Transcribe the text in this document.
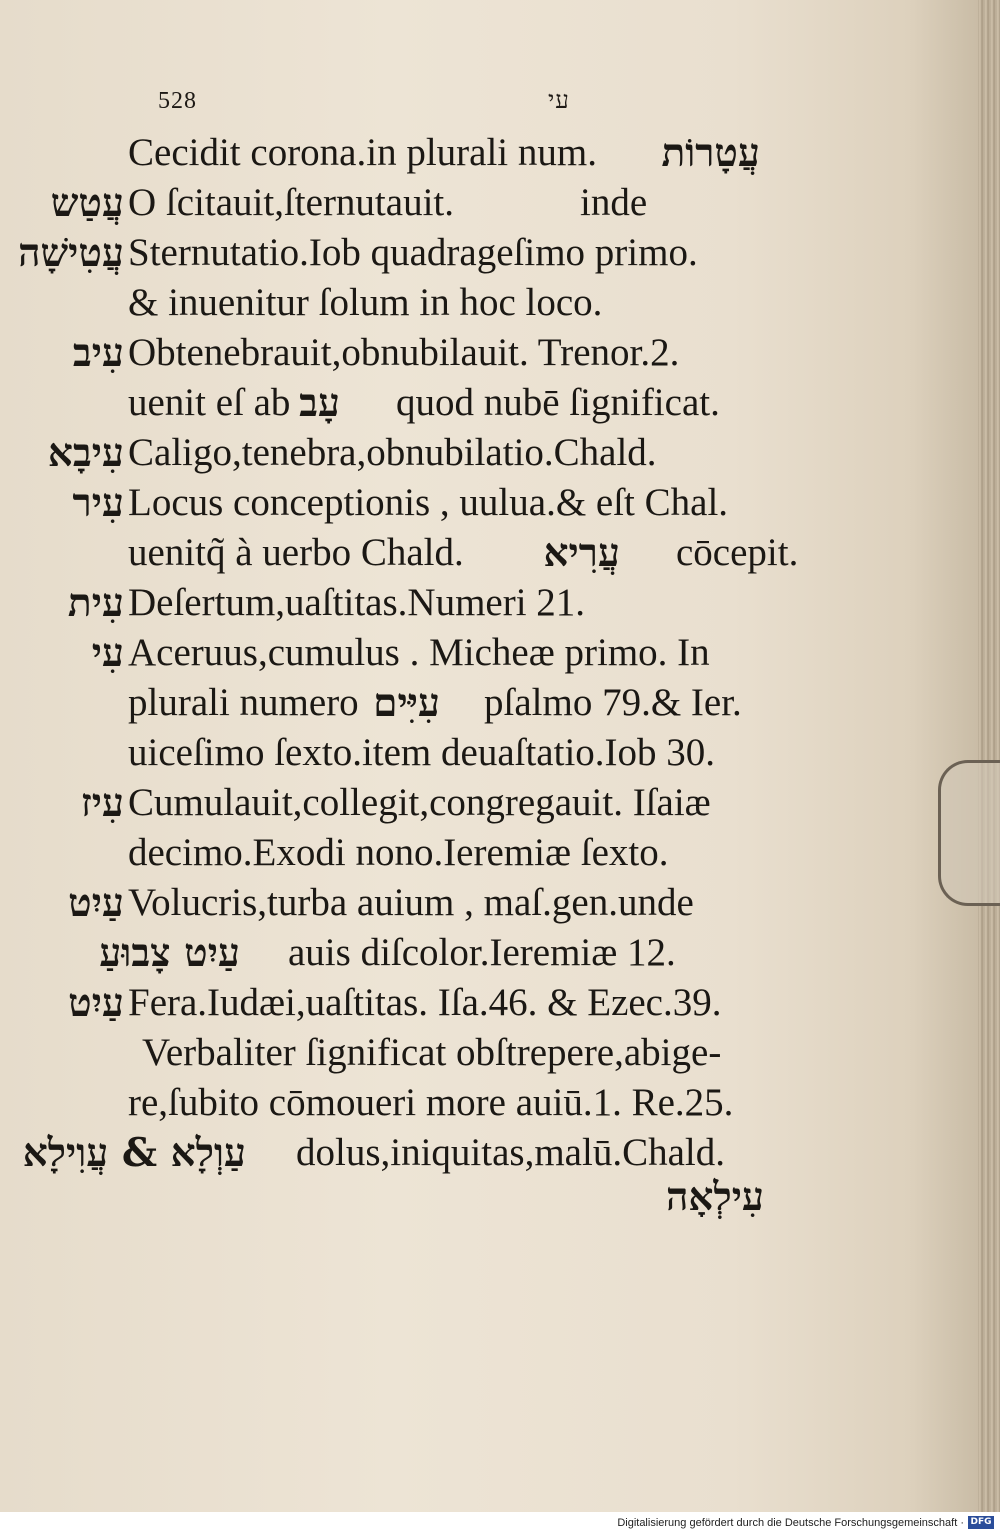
528	עי
Cecidit corona.in plurali num. עֲטָרוֹת
עֲטַש O ſcitauit,ſternutauit.	inde
עֲטִישָׁה Sternutatio.Iob quadrageſimo primo.
& inuenitur ſolum in hoc loco.
עִיב Obtenebrauit,obnubilauit. Trenor.2.
uenit eſ ab עָב quod nubē ſignificat.
עִיבָא Caligo,tenebra,obnubilatio.Chald.
עִיר Locus conceptionis , uulua.& eſt Chal.
uenitq̃ à uerbo Chald. עֲרִיא cōcepit.
עִית Deſertum,uaſtitas.Numeri 21.
עִי Aceruus,cumulus . Micheæ primo. In
plurali numero עִיִּים pſalmo 79.& Ier.
uiceſimo ſexto.item deuaſtatio.Iob 30.
עִיז Cumulauit,collegit,congregauit. Iſaiæ
decimo.Exodi nono.Ieremiæ ſexto.
עַיִט Volucris,turba auium , maſ.gen.unde
עַיִט צָבוּעַ auis diſcolor.Ieremiæ 12.
עַיִט Fera.Iudæi,uaſtitas. Iſa.46. & Ezec.39.
Verbaliter ſignificat obſtrepere,abige-
re,ſubito cōmoueri more auiū.1. Re.25.
עַוְלָא & עֲוִילָא dolus,iniquitas,malū.Chald.
עִילְאָה
Digitalisierung gefördert durch die Deutsche Forschungsgemeinschaft · DFG
